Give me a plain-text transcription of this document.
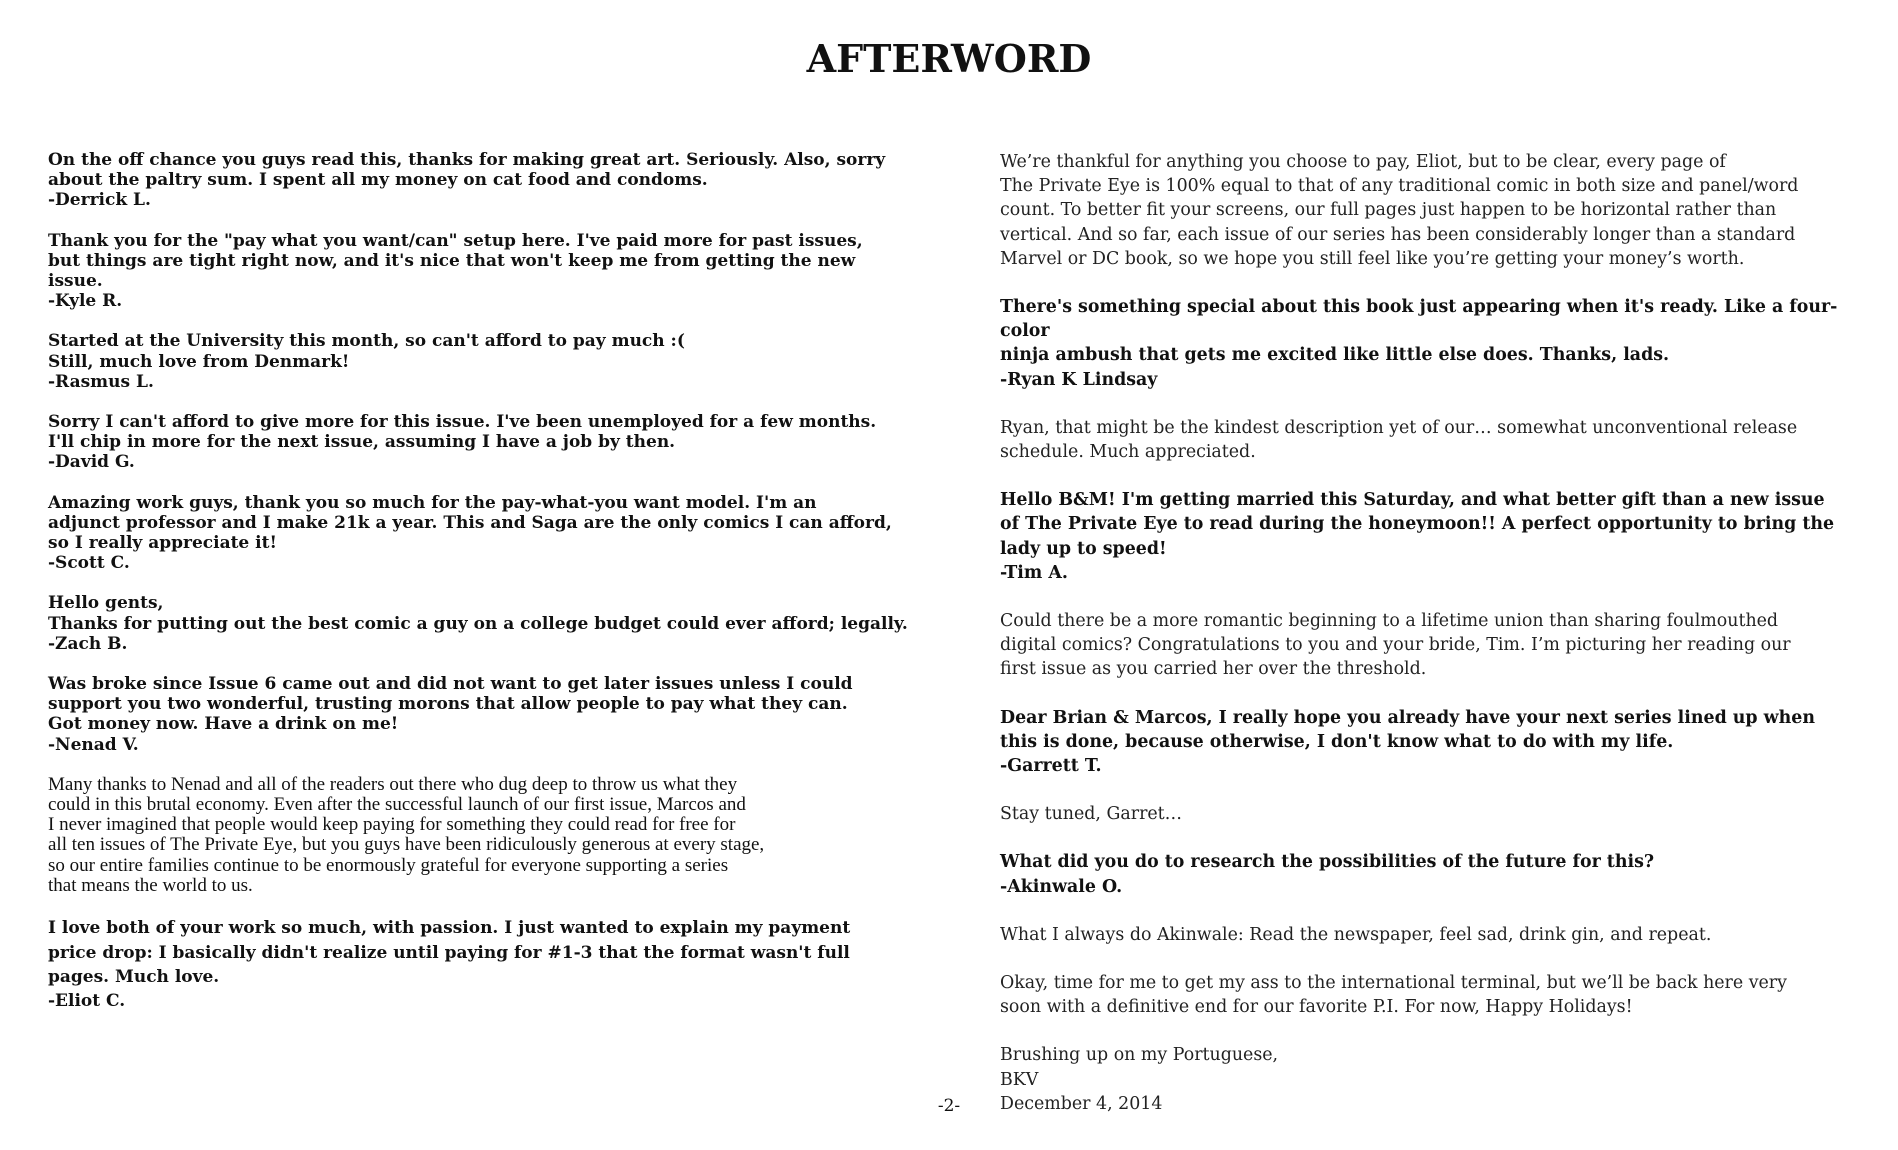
AFTERWORD

On the off chance you guys read this, thanks for making great art. Seriously. Also, sorry
about the paltry sum. I spent all my money on cat food and condoms.
-Derrick L.

Thank you for the "pay what you want/can" setup here. I've paid more for past issues,
but things are tight right now, and it's nice that won't keep me from getting the new
issue.
-Kyle R.

Started at the University this month, so can't afford to pay much :(
Still, much love from Denmark!
-Rasmus L.

Sorry I can't afford to give more for this issue. I've been unemployed for a few months.
I'll chip in more for the next issue, assuming I have a job by then.
-David G.

Amazing work guys, thank you so much for the pay-what-you want model. I'm an
adjunct professor and I make 21k a year. This and Saga are the only comics I can afford,
so I really appreciate it!
-Scott C.

Hello gents,
Thanks for putting out the best comic a guy on a college budget could ever afford; legally.
-Zach B.

Was broke since Issue 6 came out and did not want to get later issues unless I could
support you two wonderful, trusting morons that allow people to pay what they can.
Got money now. Have a drink on me!
-Nenad V.

Many thanks to Nenad and all of the readers out there who dug deep to throw us what they
could in this brutal economy. Even after the successful launch of our first issue, Marcos and
I never imagined that people would keep paying for something they could read for free for
all ten issues of The Private Eye, but you guys have been ridiculously generous at every stage,
so our entire families continue to be enormously grateful for everyone supporting a series
that means the world to us.

I love both of your work so much, with passion. I just wanted to explain my payment
price drop: I basically didn't realize until paying for #1-3 that the format wasn't full
pages. Much love.
-Eliot C.

We’re thankful for anything you choose to pay, Eliot, but to be clear, every page of
The Private Eye is 100% equal to that of any traditional comic in both size and panel/word
count. To better fit your screens, our full pages just happen to be horizontal rather than
vertical. And so far, each issue of our series has been considerably longer than a standard
Marvel or DC book, so we hope you still feel like you’re getting your money’s worth.

There's something special about this book just appearing when it's ready. Like a four-color
ninja ambush that gets me excited like little else does. Thanks, lads.
-Ryan K Lindsay

Ryan, that might be the kindest description yet of our… somewhat unconventional release
schedule. Much appreciated.

Hello B&M! I'm getting married this Saturday, and what better gift than a new issue
of The Private Eye to read during the honeymoon!! A perfect opportunity to bring the
lady up to speed!
-Tim A.

Could there be a more romantic beginning to a lifetime union than sharing foulmouthed
digital comics? Congratulations to you and your bride, Tim. I’m picturing her reading our
first issue as you carried her over the threshold.

Dear Brian & Marcos, I really hope you already have your next series lined up when
this is done, because otherwise, I don't know what to do with my life.
-Garrett T.

Stay tuned, Garret…

What did you do to research the possibilities of the future for this?
-Akinwale O.

What I always do Akinwale: Read the newspaper, feel sad, drink gin, and repeat.

Okay, time for me to get my ass to the international terminal, but we’ll be back here very
soon with a definitive end for our favorite P.I. For now, Happy Holidays!

Brushing up on my Portuguese,
BKV
December 4, 2014

-2-
